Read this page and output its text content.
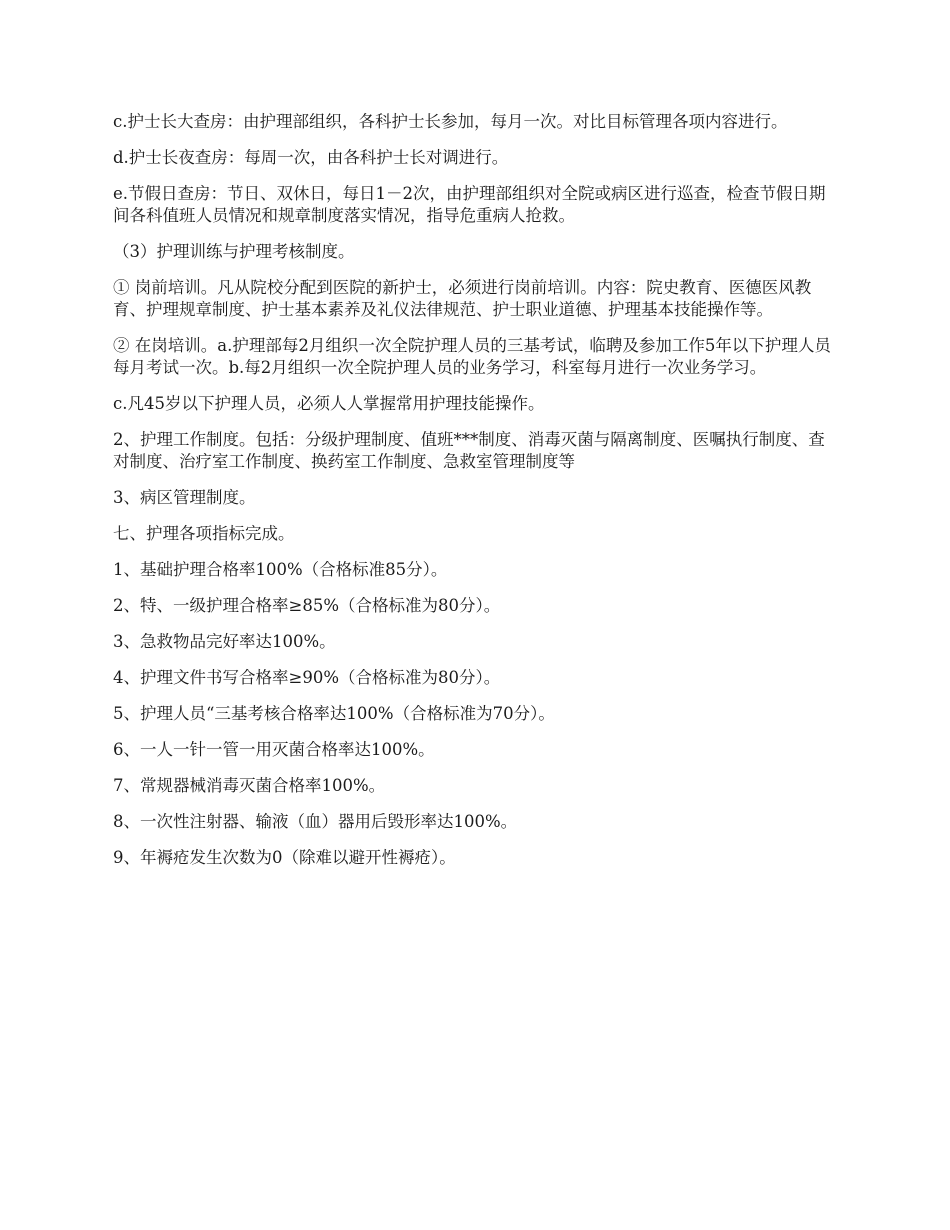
c.护士长大查房：由护理部组织，各科护士长参加，每月一次。对比目标管理各项内容进行。

d.护士长夜查房：每周一次，由各科护士长对调进行。

e.节假日查房：节日、双休日，每日1－2次，由护理部组织对全院或病区进行巡查，检查节假日期间各科值班人员情况和规章制度落实情况，指导危重病人抢救。

（3）护理训练与护理考核制度。

① 岗前培训。凡从院校分配到医院的新护士，必须进行岗前培训。内容：院史教育、医德医风教育、护理规章制度、护士基本素养及礼仪法律规范、护士职业道德、护理基本技能操作等。

② 在岗培训。a.护理部每2月组织一次全院护理人员的三基考试，临聘及参加工作5年以下护理人员每月考试一次。b.每2月组织一次全院护理人员的业务学习，科室每月进行一次业务学习。

c.凡45岁以下护理人员，必须人人掌握常用护理技能操作。

2、护理工作制度。包括：分级护理制度、值班***制度、消毒灭菌与隔离制度、医嘱执行制度、查对制度、治疗室工作制度、换药室工作制度、急救室管理制度等

3、病区管理制度。

七、护理各项指标完成。

1、基础护理合格率100%（合格标准85分）。

2、特、一级护理合格率≥85%（合格标准为80分）。

3、急救物品完好率达100%。

4、护理文件书写合格率≥90%（合格标准为80分）。

5、护理人员“三基考核合格率达100%（合格标准为70分）。

6、一人一针一管一用灭菌合格率达100%。

7、常规器械消毒灭菌合格率100%。

8、一次性注射器、输液（血）器用后毁形率达100%。

9、年褥疮发生次数为0（除难以避开性褥疮）。
